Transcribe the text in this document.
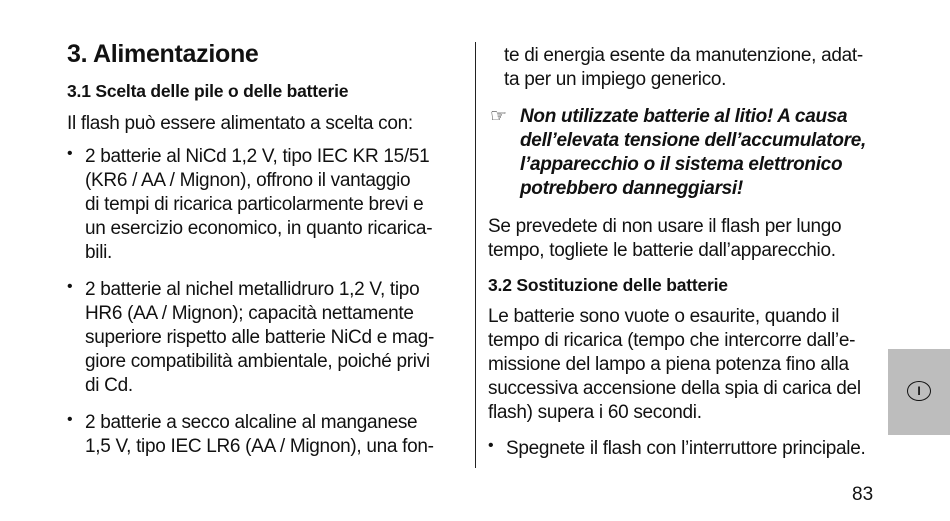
3. Alimentazione
3.1 Scelta delle pile o delle batterie

Il flash può essere alimentato a scelta con:

• 2 batterie al NiCd 1,2 V, tipo IEC KR 15/51

(KR6 / AA / Mignon), offrono il vantaggio

di tempi di ricarica particolarmente brevi e

un esercizio economico, in quanto ricarica-

bili.

• 2 batterie al nichel metallidruro 1,2 V, tipo

HR6 (AA / Mignon); capacità nettamente

superiore rispetto alle batterie NiCd e mag-

giore compatibilità ambientale, poiché privi

di Cd.

• 2 batterie a secco alcaline al manganese

1,5 V, tipo IEC LR6 (AA / Mignon), una fon-

te di energia esente da manutenzione, adat-

ta per un impiego generico.

☞ Non utilizzate batterie al litio! A causa

dell’elevata tensione dell’accumulatore,

l’apparecchio o il sistema elettronico

potrebbero danneggiarsi!

Se prevedete di non usare il flash per lungo

tempo, togliete le batterie dall’apparecchio.

3.2 Sostituzione delle batterie

Le batterie sono vuote o esaurite, quando il

tempo di ricarica (tempo che intercorre dall’e-

missione del lampo a piena potenza fino alla

successiva accensione della spia di carica del

flash) supera i 60 secondi.

• Spegnete il flash con l’interruttore principale.

I
83
